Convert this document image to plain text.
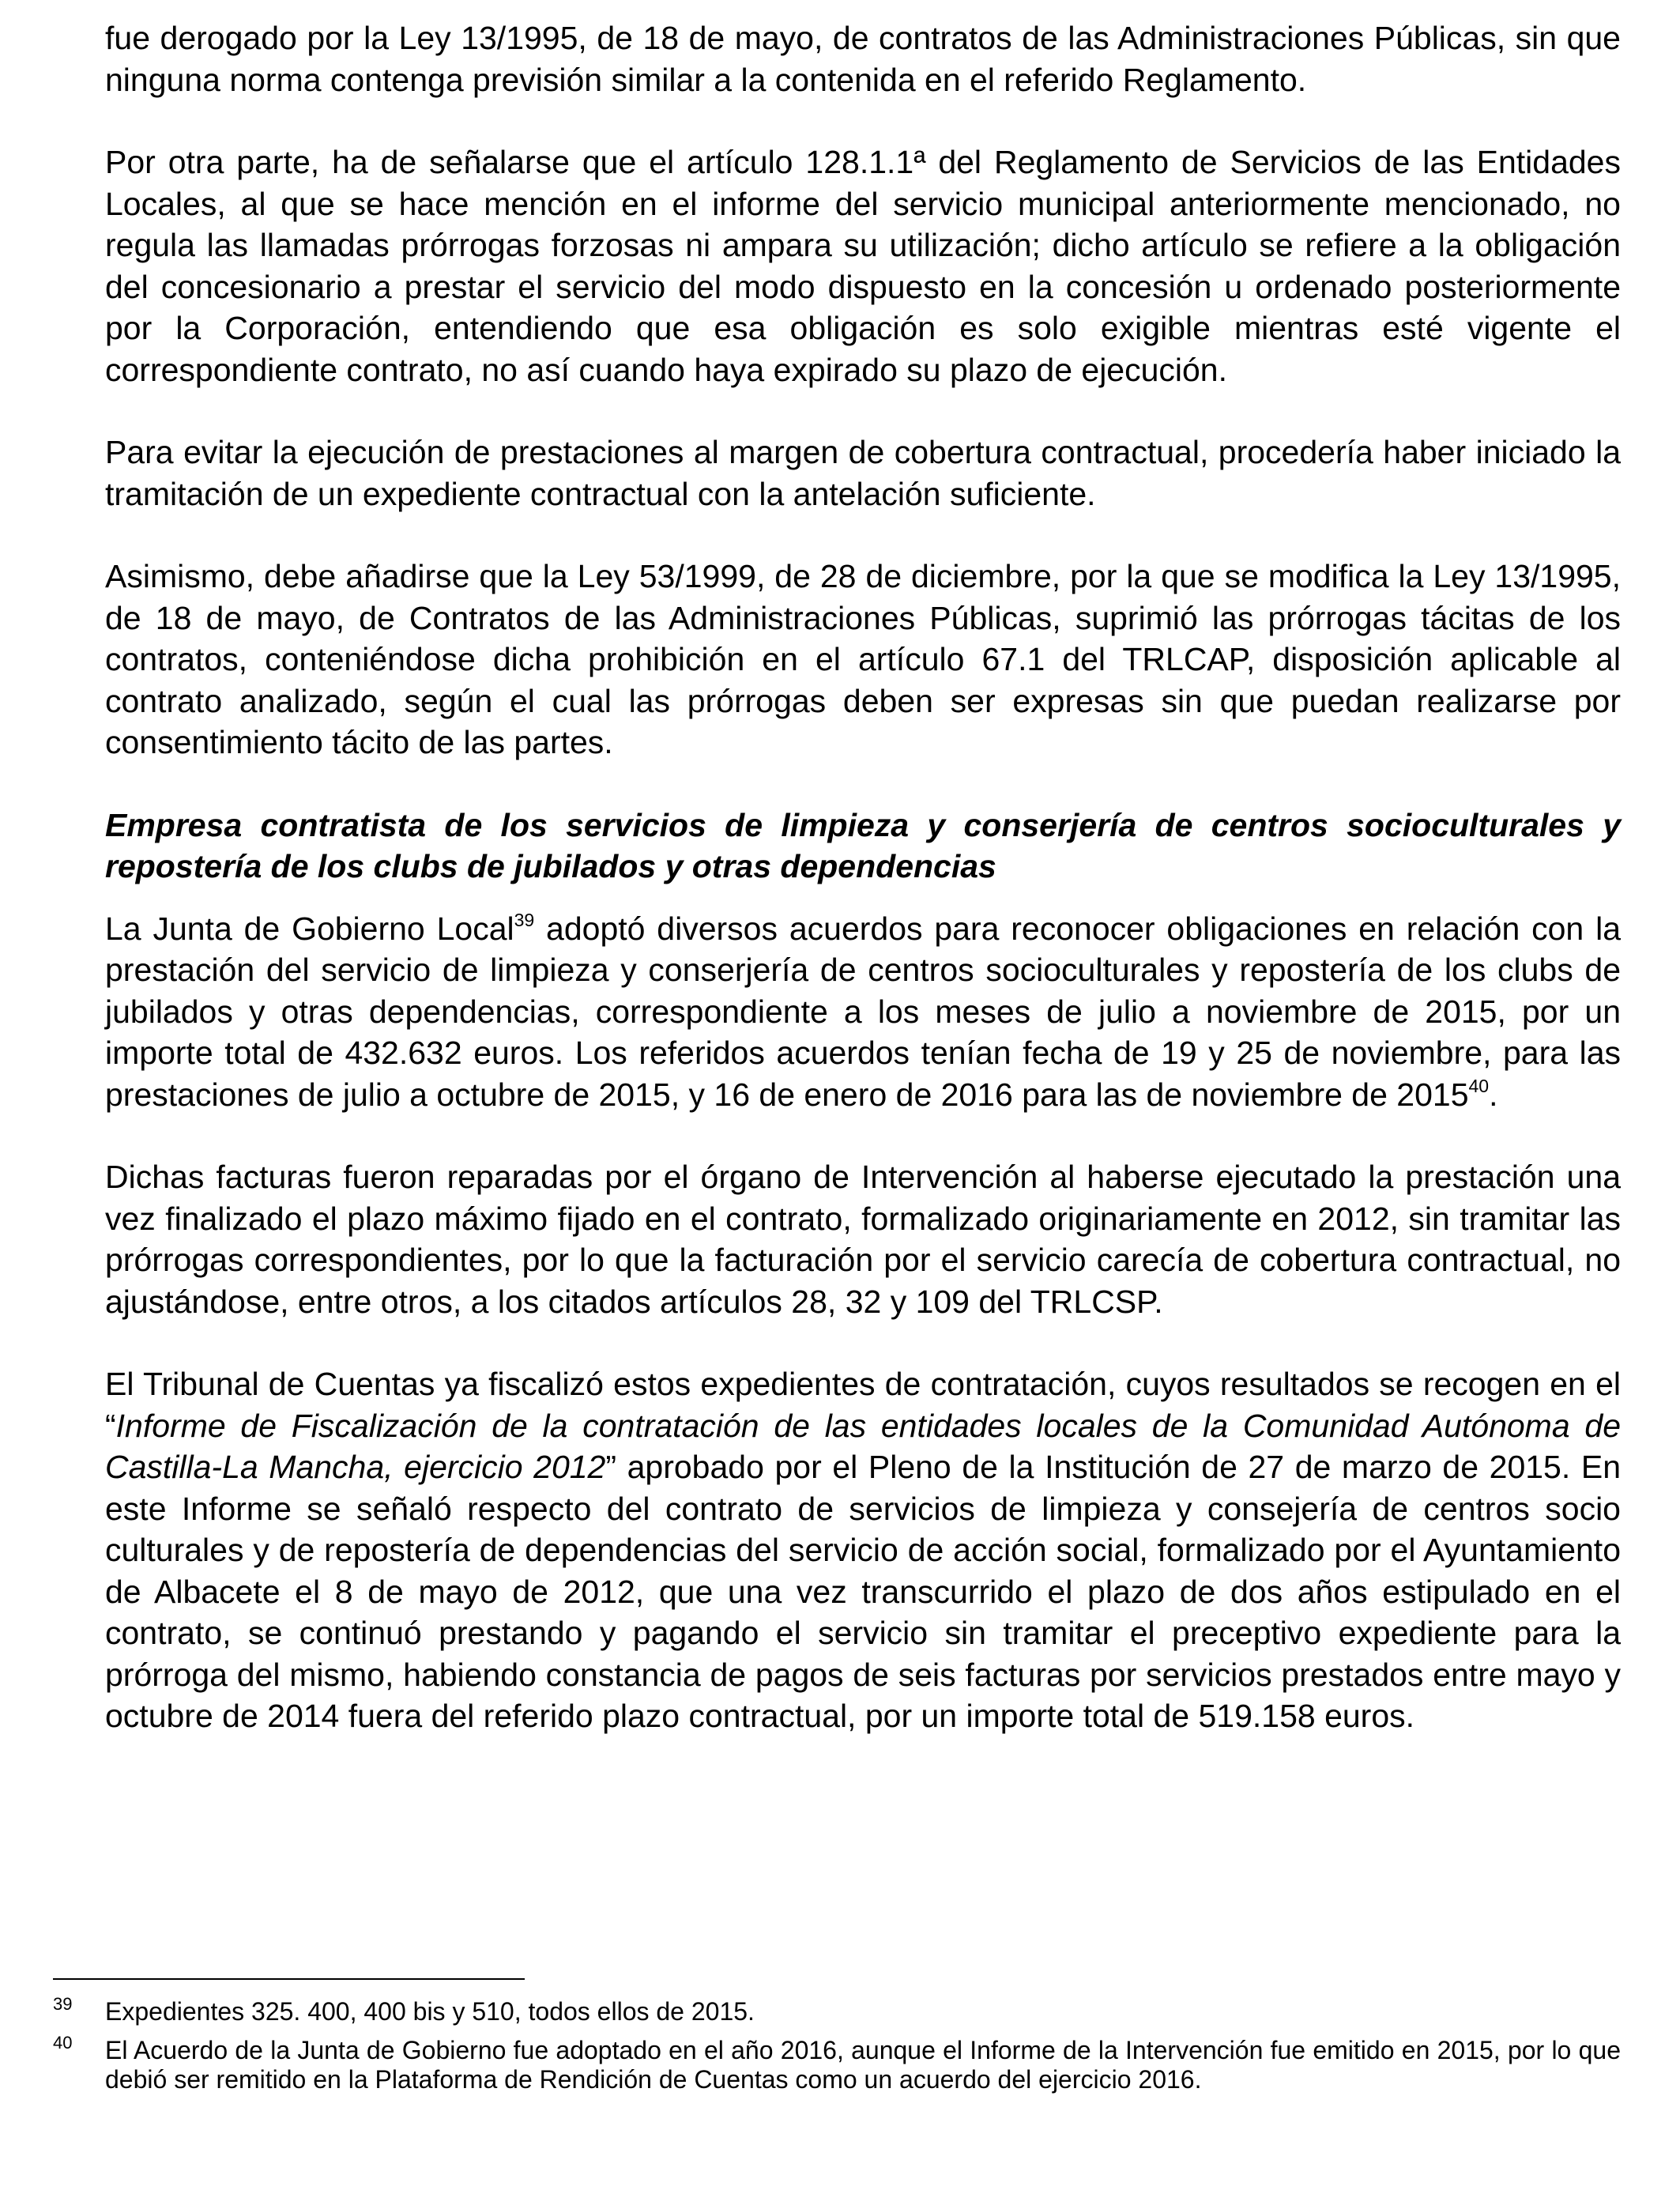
fue derogado por la Ley 13/1995, de 18 de mayo, de contratos de las Administraciones Públicas, sin que ninguna norma contenga previsión similar a la contenida en el referido Reglamento.

Por otra parte, ha de señalarse que el artículo 128.1.1ª del Reglamento de Servicios de las Entidades Locales, al que se hace mención en el informe del servicio municipal anteriormente mencionado, no regula las llamadas prórrogas forzosas ni ampara su utilización; dicho artículo se refiere a la obligación del concesionario a prestar el servicio del modo dispuesto en la concesión u ordenado posteriormente por la Corporación, entendiendo que esa obligación es solo exigible mientras esté vigente el correspondiente contrato, no así cuando haya expirado su plazo de ejecución.

Para evitar la ejecución de prestaciones al margen de cobertura contractual, procedería haber iniciado la tramitación de un expediente contractual con la antelación suficiente.

Asimismo, debe añadirse que la Ley 53/1999, de 28 de diciembre, por la que se modifica la Ley 13/1995, de 18 de mayo, de Contratos de las Administraciones Públicas, suprimió las prórrogas tácitas de los contratos, conteniéndose dicha prohibición en el artículo 67.1 del TRLCAP, disposición aplicable al contrato analizado, según el cual las prórrogas deben ser expresas sin que puedan realizarse por consentimiento tácito de las partes.

Empresa contratista de los servicios de limpieza y conserjería de centros socioculturales y repostería de los clubs de jubilados y otras dependencias

La Junta de Gobierno Local$^{39}$ adoptó diversos acuerdos para reconocer obligaciones en relación con la prestación del servicio de limpieza y conserjería de centros socioculturales y repostería de los clubs de jubilados y otras dependencias, correspondiente a los meses de julio a noviembre de 2015, por un importe total de 432.632 euros. Los referidos acuerdos tenían fecha de 19 y 25 de noviembre, para las prestaciones de julio a octubre de 2015, y 16 de enero de 2016 para las de noviembre de 2015$^{40}$.

Dichas facturas fueron reparadas por el órgano de Intervención al haberse ejecutado la prestación una vez finalizado el plazo máximo fijado en el contrato, formalizado originariamente en 2012, sin tramitar las prórrogas correspondientes, por lo que la facturación por el servicio carecía de cobertura contractual, no ajustándose, entre otros, a los citados artículos 28, 32 y 109 del TRLCSP.

El Tribunal de Cuentas ya fiscalizó estos expedientes de contratación, cuyos resultados se recogen en el “Informe de Fiscalización de la contratación de las entidades locales de la Comunidad Autónoma de Castilla-La Mancha, ejercicio 2012” aprobado por el Pleno de la Institución de 27 de marzo de 2015. En este Informe se señaló respecto del contrato de servicios de limpieza y consejería de centros socio culturales y de repostería de dependencias del servicio de acción social, formalizado por el Ayuntamiento de Albacete el 8 de mayo de 2012, que una vez transcurrido el plazo de dos años estipulado en el contrato, se continuó prestando y pagando el servicio sin tramitar el preceptivo expediente para la prórroga del mismo, habiendo constancia de pagos de seis facturas por servicios prestados entre mayo y octubre de 2014 fuera del referido plazo contractual, por un importe total de 519.158 euros.

39 Expedientes 325. 400, 400 bis y 510, todos ellos de 2015.
40 El Acuerdo de la Junta de Gobierno fue adoptado en el año 2016, aunque el Informe de la Intervención fue emitido en 2015, por lo que debió ser remitido en la Plataforma de Rendición de Cuentas como un acuerdo del ejercicio 2016.
